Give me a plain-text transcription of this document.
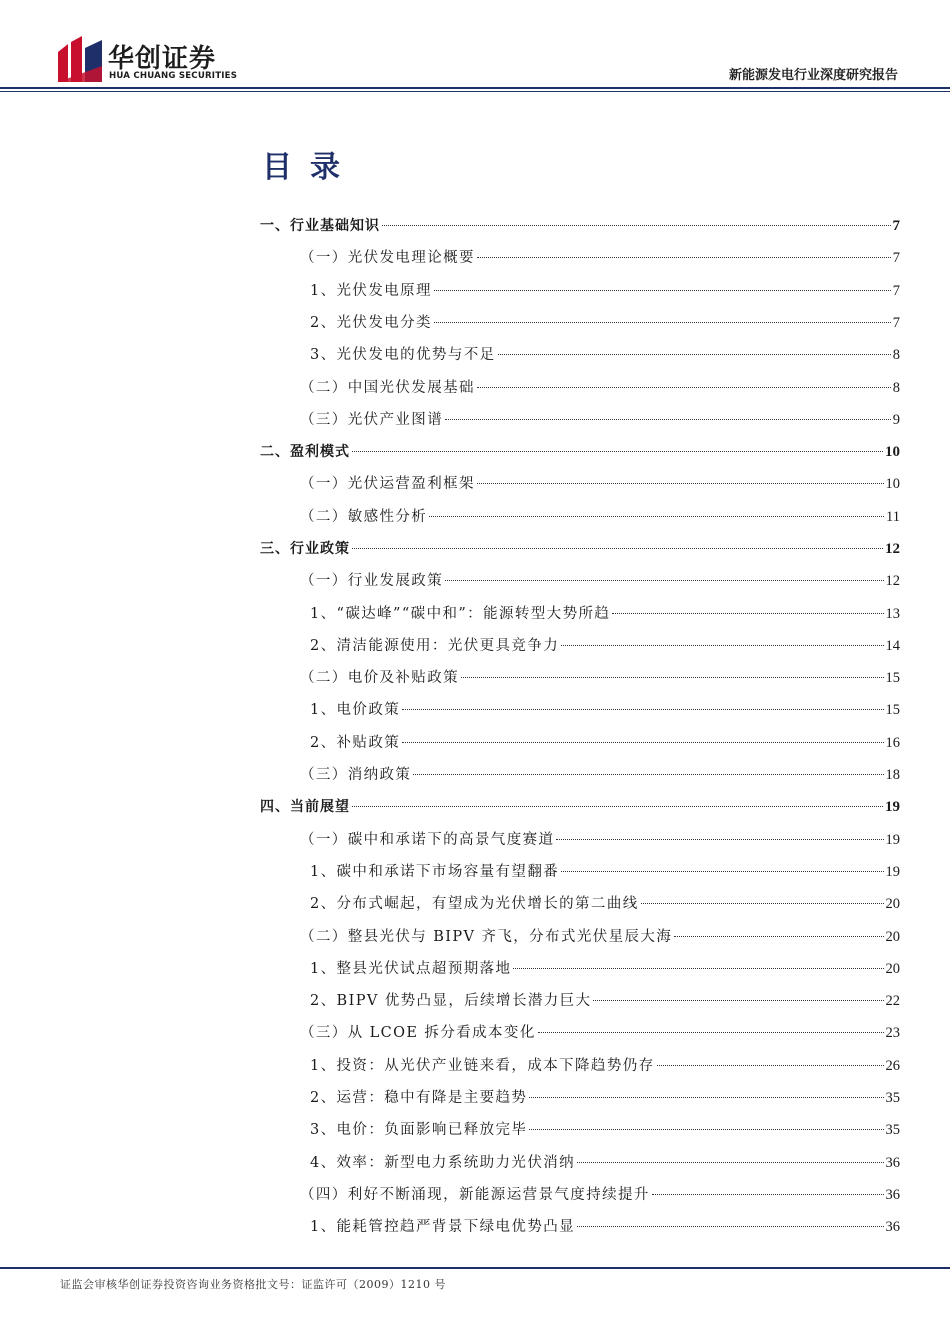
华创证券
HUA CHUANG SECURITIES	新能源发电行业深度研究报告
目录
一、行业基础知识	7
（一）光伏发电理论概要	7
1、光伏发电原理	7
2、光伏发电分类	7
3、光伏发电的优势与不足	8
（二）中国光伏发展基础	8
（三）光伏产业图谱	9
二、盈利模式	10
（一）光伏运营盈利框架	10
（二）敏感性分析	11
三、行业政策	12
（一）行业发展政策	12
1、“碳达峰”“碳中和”：能源转型大势所趋	13
2、清洁能源使用：光伏更具竞争力	14
（二）电价及补贴政策	15
1、电价政策	15
2、补贴政策	16
（三）消纳政策	18
四、当前展望	19
（一）碳中和承诺下的高景气度赛道	19
1、碳中和承诺下市场容量有望翻番	19
2、分布式崛起，有望成为光伏增长的第二曲线	20
（二）整县光伏与 BIPV 齐飞，分布式光伏星辰大海	20
1、整县光伏试点超预期落地	20
2、BIPV 优势凸显，后续增长潜力巨大	22
（三）从 LCOE 拆分看成本变化	23
1、投资：从光伏产业链来看，成本下降趋势仍存	26
2、运营：稳中有降是主要趋势	35
3、电价：负面影响已释放完毕	35
4、效率：新型电力系统助力光伏消纳	36
（四）利好不断涌现，新能源运营景气度持续提升	36
1、能耗管控趋严背景下绿电优势凸显	36
证监会审核华创证券投资咨询业务资格批文号：证监许可（2009）1210 号
